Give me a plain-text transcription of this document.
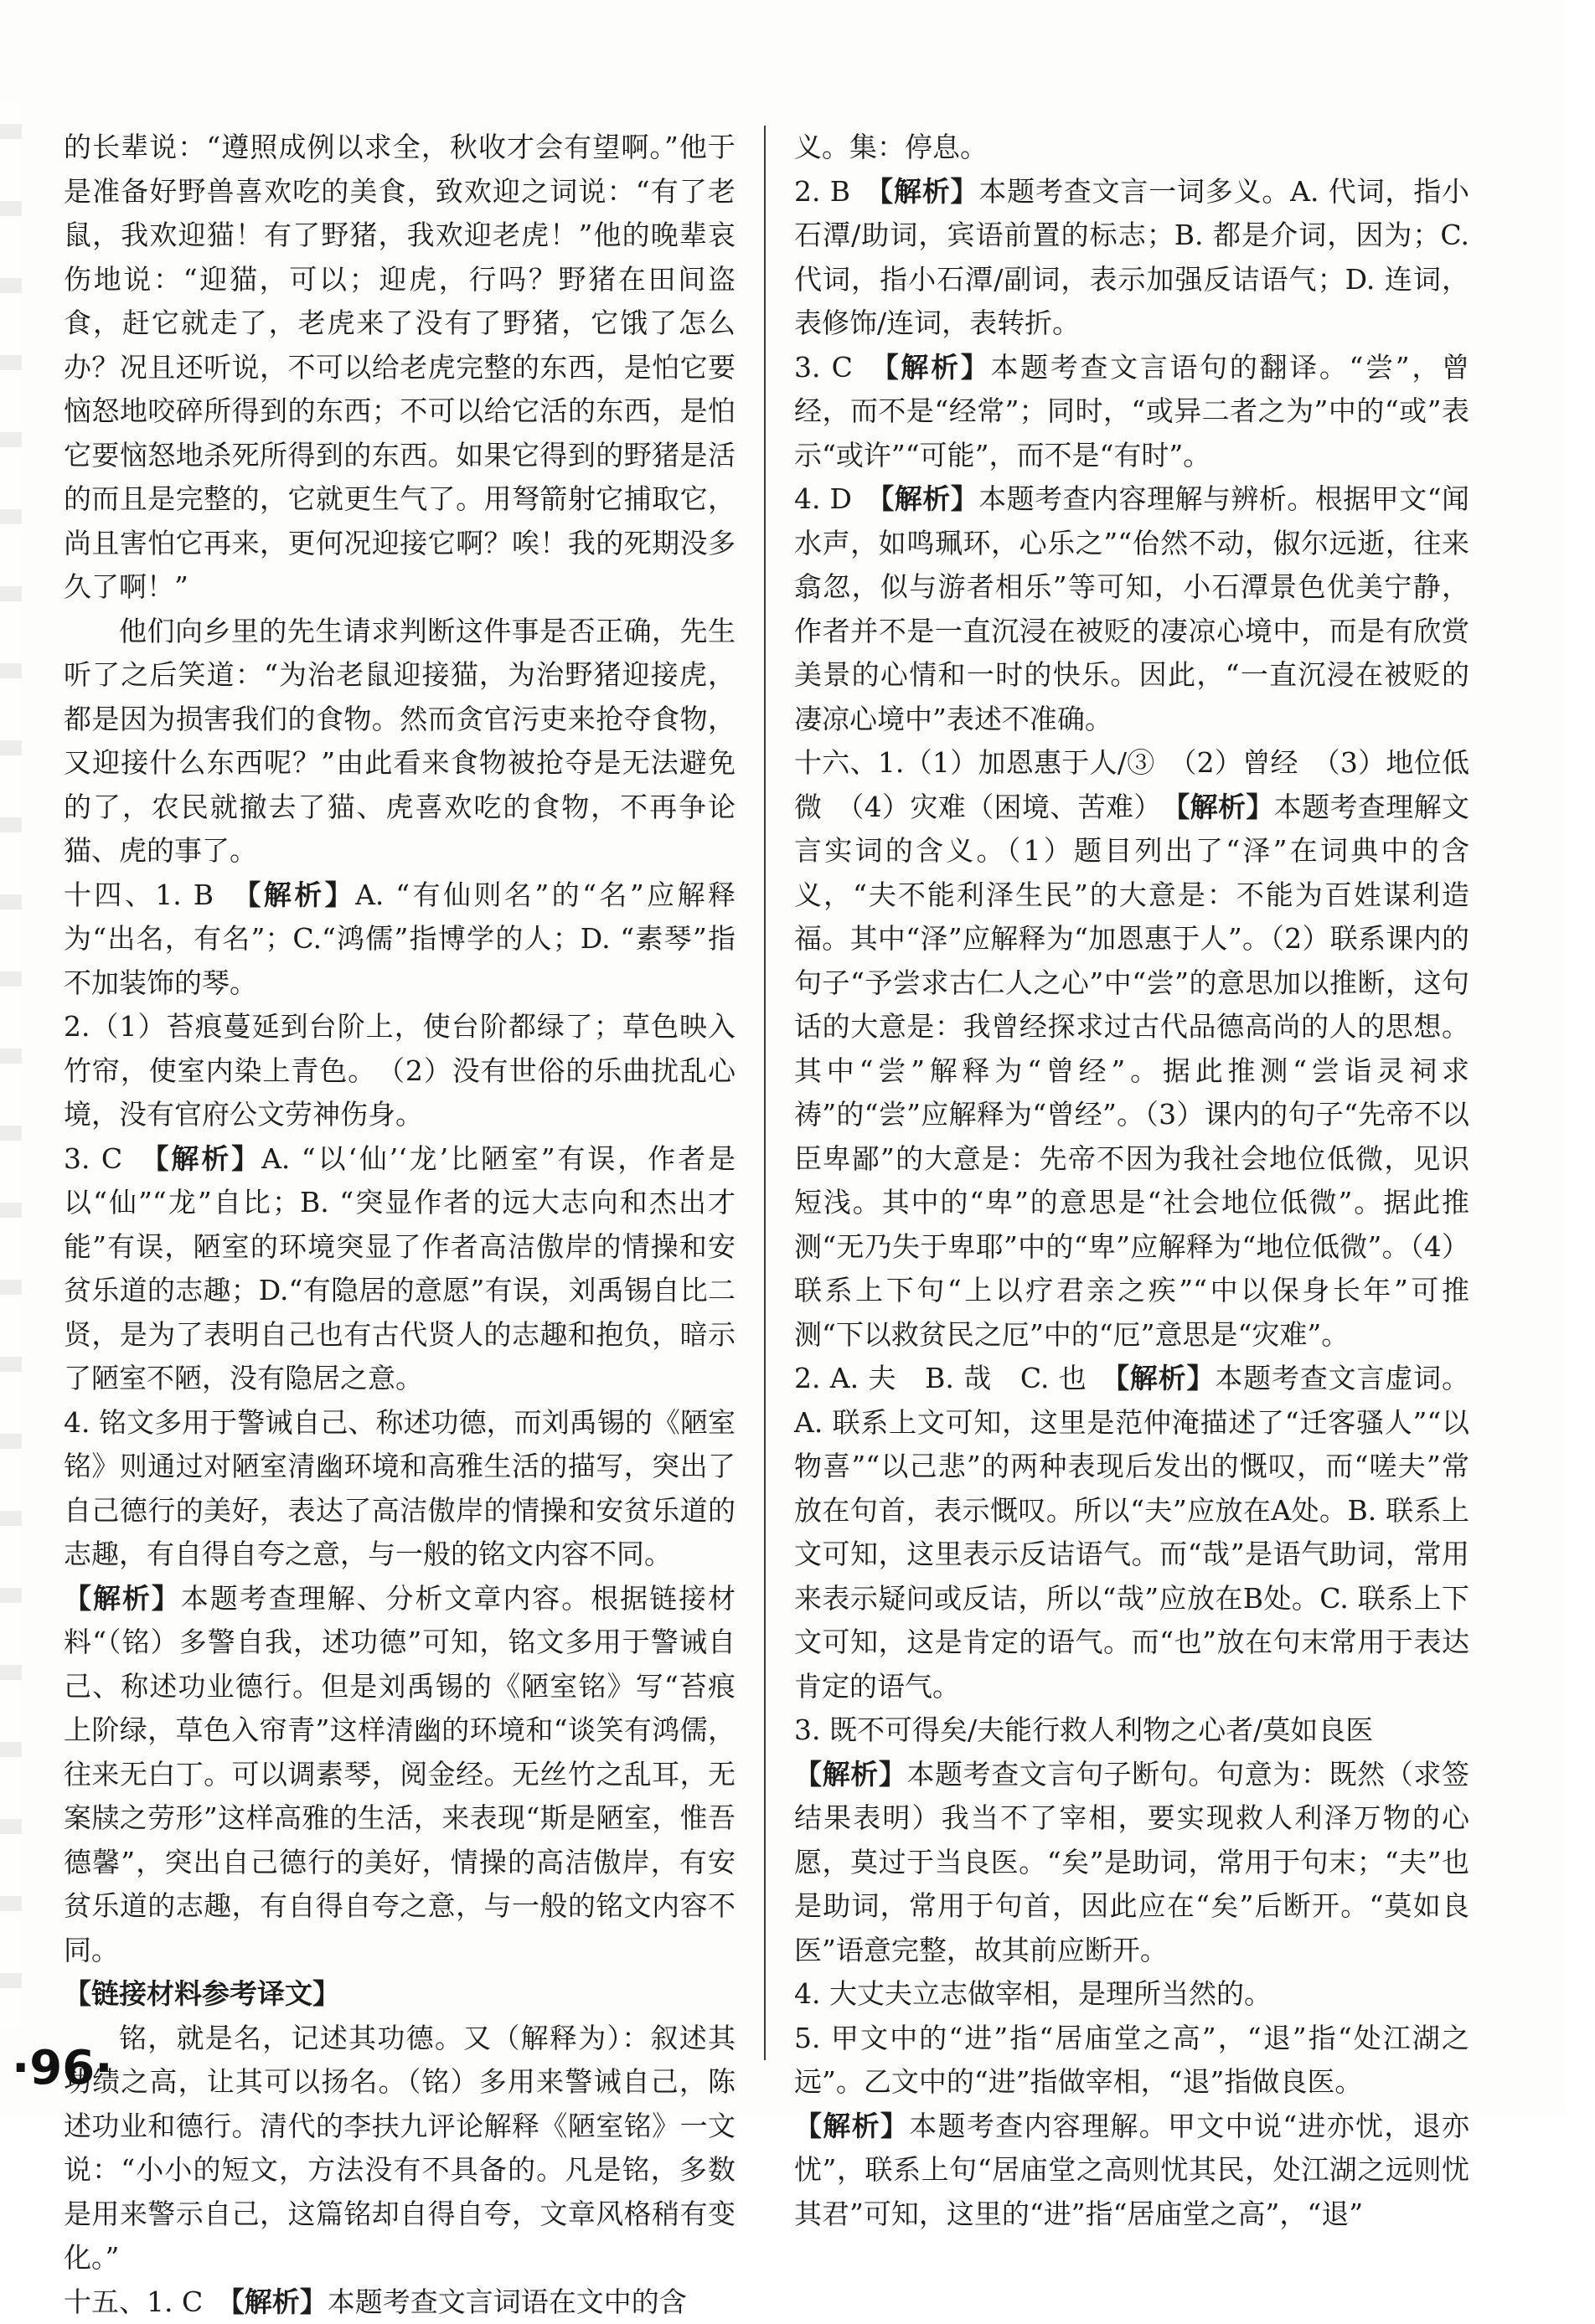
的长辈说：“遵照成例以求全，秋收才会有望啊。”他于是准备好野兽喜欢吃的美食，致欢迎之词说：“有了老鼠，我欢迎猫！有了野猪，我欢迎老虎！”他的晚辈哀伤地说：“迎猫，可以；迎虎，行吗？野猪在田间盗食，赶它就走了，老虎来了没有了野猪，它饿了怎么办？况且还听说，不可以给老虎完整的东西，是怕它要恼怒地咬碎所得到的东西；不可以给它活的东西，是怕它要恼怒地杀死所得到的东西。如果它得到的野猪是活的而且是完整的，它就更生气了。用弩箭射它捕取它，尚且害怕它再来，更何况迎接它啊？唉！我的死期没多久了啊！”

他们向乡里的先生请求判断这件事是否正确，先生听了之后笑道：“为治老鼠迎接猫，为治野猪迎接虎，都是因为损害我们的食物。然而贪官污吏来抢夺食物，又迎接什么东西呢？”由此看来食物被抢夺是无法避免的了，农民就撤去了猫、虎喜欢吃的食物，不再争论猫、虎的事了。

十四、1. B　【解析】A. “有仙则名”的“名”应解释为“出名，有名”；C.“鸿儒”指博学的人；D. “素琴”指不加装饰的琴。

2.（1）苔痕蔓延到台阶上，使台阶都绿了；草色映入竹帘，使室内染上青色。　（2）没有世俗的乐曲扰乱心境，没有官府公文劳神伤身。

3. C　【解析】A. “以‘仙’‘龙’比陋室”有误，作者是以“仙”“龙”自比；B. “突显作者的远大志向和杰出才能”有误，陋室的环境突显了作者高洁傲岸的情操和安贫乐道的志趣；D.“有隐居的意愿”有误，刘禹锡自比二贤，是为了表明自己也有古代贤人的志趣和抱负，暗示了陋室不陋，没有隐居之意。

4. 铭文多用于警诫自己、称述功德，而刘禹锡的《陋室铭》则通过对陋室清幽环境和高雅生活的描写，突出了自己德行的美好，表达了高洁傲岸的情操和安贫乐道的志趣，有自得自夸之意，与一般的铭文内容不同。

【解析】本题考查理解、分析文章内容。根据链接材料“（铭）多警自我，述功德”可知，铭文多用于警诫自己、称述功业德行。但是刘禹锡的《陋室铭》写“苔痕上阶绿，草色入帘青”这样清幽的环境和“谈笑有鸿儒，往来无白丁。可以调素琴，阅金经。无丝竹之乱耳，无案牍之劳形”这样高雅的生活，来表现“斯是陋室，惟吾德馨”，突出自己德行的美好，情操的高洁傲岸，有安贫乐道的志趣，有自得自夸之意，与一般的铭文内容不同。

【链接材料参考译文】

铭，就是名，记述其功德。又（解释为）：叙述其功绩之高，让其可以扬名。（铭）多用来警诫自己，陈述功业和德行。清代的李扶九评论解释《陋室铭》一文说：“小小的短文，方法没有不具备的。凡是铭，多数是用来警示自己，这篇铭却自得自夸，文章风格稍有变化。”

十五、1. C　【解析】本题考查文言词语在文中的含

义。集：停息。

2. B　【解析】本题考查文言一词多义。A. 代词，指小石潭/助词，宾语前置的标志；B. 都是介词，因为；C. 代词，指小石潭/副词，表示加强反诘语气；D. 连词，表修饰/连词，表转折。

3. C　【解析】本题考查文言语句的翻译。“尝”，曾经，而不是“经常”；同时，“或异二者之为”中的“或”表示“或许”“可能”，而不是“有时”。

4. D　【解析】本题考查内容理解与辨析。根据甲文“闻水声，如鸣珮环，心乐之”“佁然不动，俶尔远逝，往来翕忽，似与游者相乐”等可知，小石潭景色优美宁静，作者并不是一直沉浸在被贬的凄凉心境中，而是有欣赏美景的心情和一时的快乐。因此，“一直沉浸在被贬的凄凉心境中”表述不准确。

十六、1.（1）加恩惠于人/③　（2）曾经　（3）地位低微　（4）灾难（困境、苦难）　【解析】本题考查理解文言实词的含义。（1）题目列出了“泽”在词典中的含义，“夫不能利泽生民”的大意是：不能为百姓谋利造福。其中“泽”应解释为“加恩惠于人”。（2）联系课内的句子“予尝求古仁人之心”中“尝”的意思加以推断，这句话的大意是：我曾经探求过古代品德高尚的人的思想。其中“尝”解释为“曾经”。据此推测“尝诣灵祠求祷”的“尝”应解释为“曾经”。（3）课内的句子“先帝不以臣卑鄙”的大意是：先帝不因为我社会地位低微，见识短浅。其中的“卑”的意思是“社会地位低微”。据此推测“无乃失于卑耶”中的“卑”应解释为“地位低微”。（4）联系上下句“上以疗君亲之疾”“中以保身长年”可推测“下以救贫民之厄”中的“厄”意思是“灾难”。

2. A. 夫　B. 哉　C. 也　【解析】本题考查文言虚词。A. 联系上文可知，这里是范仲淹描述了“迁客骚人”“以物喜”“以己悲”的两种表现后发出的慨叹，而“嗟夫”常放在句首，表示慨叹。所以“夫”应放在A处。B. 联系上文可知，这里表示反诘语气。而“哉”是语气助词，常用来表示疑问或反诘，所以“哉”应放在B处。C. 联系上下文可知，这是肯定的语气。而“也”放在句末常用于表达肯定的语气。

3. 既不可得矣/夫能行救人利物之心者/莫如良医

【解析】本题考查文言句子断句。句意为：既然（求签结果表明）我当不了宰相，要实现救人利泽万物的心愿，莫过于当良医。“矣”是助词，常用于句末；“夫”也是助词，常用于句首，因此应在“矣”后断开。“莫如良医”语意完整，故其前应断开。

4. 大丈夫立志做宰相，是理所当然的。

5. 甲文中的“进”指“居庙堂之高”，“退”指“处江湖之远”。乙文中的“进”指做宰相，“退”指做良医。

【解析】本题考查内容理解。甲文中说“进亦忧，退亦忧”，联系上句“居庙堂之高则忧其民，处江湖之远则忧其君”可知，这里的“进”指“居庙堂之高”，“退”

·96·
